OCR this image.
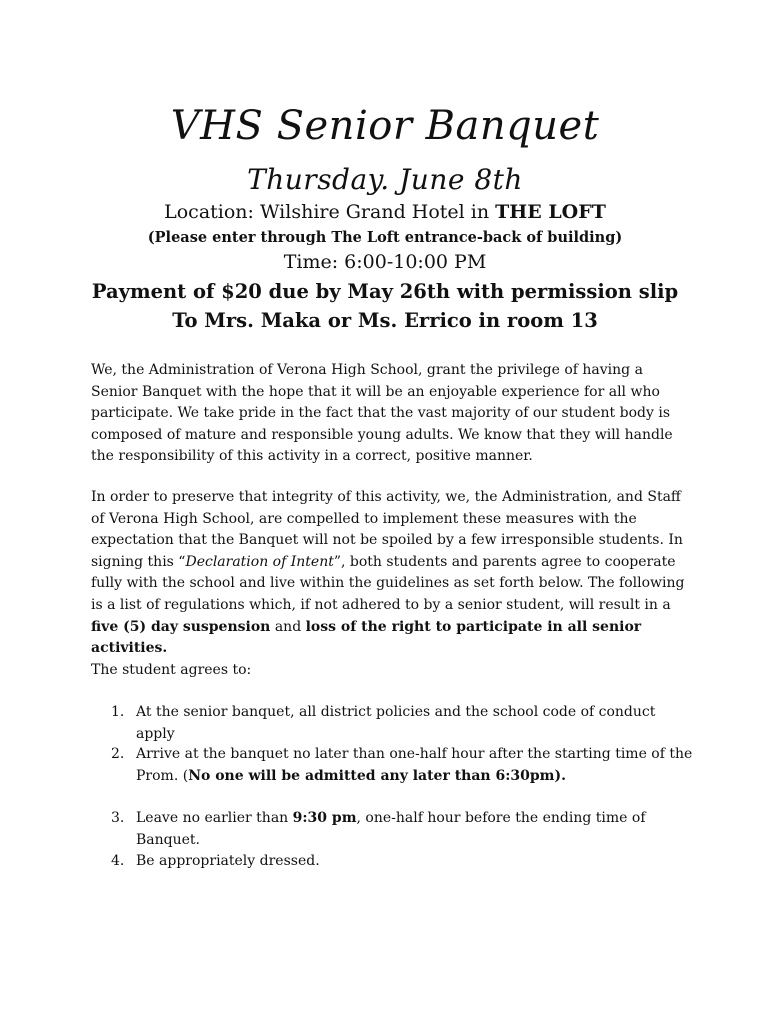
VHS Senior Banquet
Thursday. June 8th
Location: Wilshire Grand Hotel in THE LOFT
(Please enter through The Loft entrance-back of building)
Time: 6:00-10:00 PM
Payment of $20 due by May 26th with permission slip
To Mrs. Maka or Ms. Errico in room 13
We, the Administration of Verona High School, grant the privilege of having a Senior Banquet with the hope that it will be an enjoyable experience for all who participate. We take pride in the fact that the vast majority of our student body is composed of mature and responsible young adults. We know that they will handle the responsibility of this activity in a correct, positive manner.
In order to preserve that integrity of this activity, we, the Administration, and Staff of Verona High School, are compelled to implement these measures with the expectation that the Banquet will not be spoiled by a few irresponsible students. In signing this “Declaration of Intent”, both students and parents agree to cooperate fully with the school and live within the guidelines as set forth below. The following is a list of regulations which, if not adhered to by a senior student, will result in a five (5) day suspension and loss of the right to participate in all senior activities.
The student agrees to:
1. At the senior banquet, all district policies and the school code of conduct apply
2. Arrive at the banquet no later than one-half hour after the starting time of the Prom. (No one will be admitted any later than 6:30pm).
3. Leave no earlier than 9:30 pm, one-half hour before the ending time of Banquet.
4. Be appropriately dressed.
